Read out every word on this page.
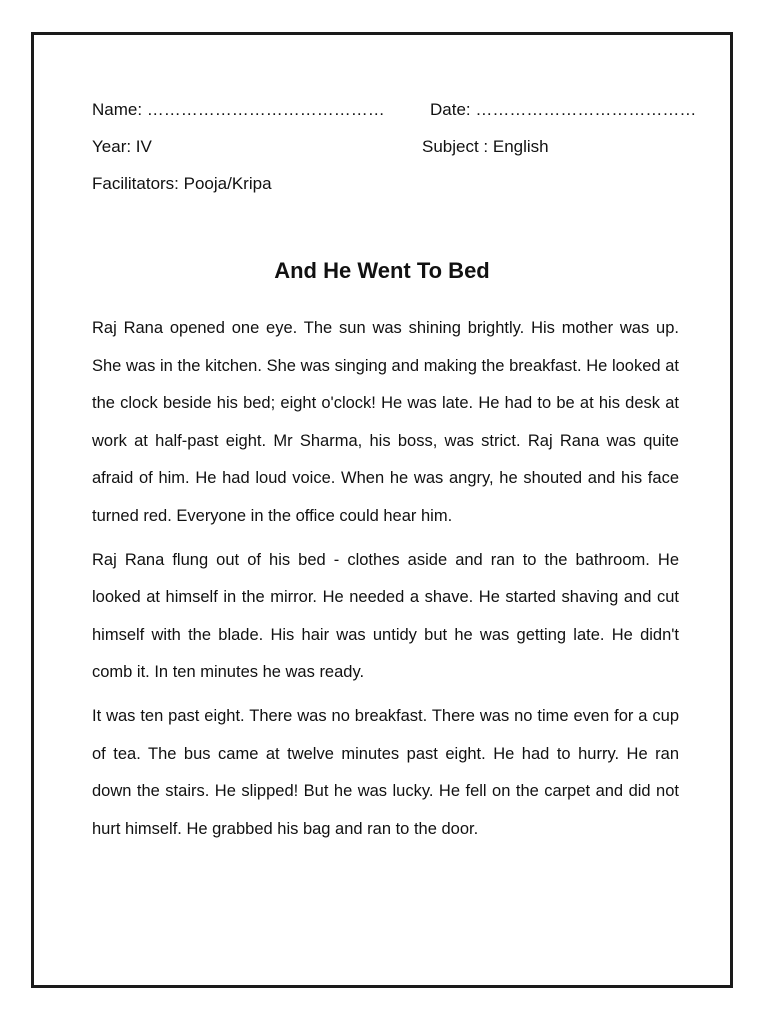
Name: ……………………………………	Date: …………………………………
Year: IV	Subject : English
Facilitators: Pooja/Kripa
And He Went To Bed

Raj Rana opened one eye. The sun was shining brightly. His mother was up. She was in the kitchen. She was singing and making the breakfast. He looked at the clock beside his bed; eight o'clock! He was late. He had to be at his desk at work at half-past eight. Mr Sharma, his boss, was strict. Raj Rana was quite afraid of him. He had loud voice. When he was angry, he shouted and his face turned red. Everyone in the office could hear him.

Raj Rana flung out of his bed - clothes aside and ran to the bathroom. He looked at himself in the mirror. He needed a shave. He started shaving and cut himself with the blade. His hair was untidy but he was getting late. He didn't comb it. In ten minutes he was ready.

It was ten past eight. There was no breakfast. There was no time even for a cup of tea. The bus came at twelve minutes past eight. He had to hurry. He ran down the stairs. He slipped! But he was lucky. He fell on the carpet and did not hurt himself. He grabbed his bag and ran to the door.
